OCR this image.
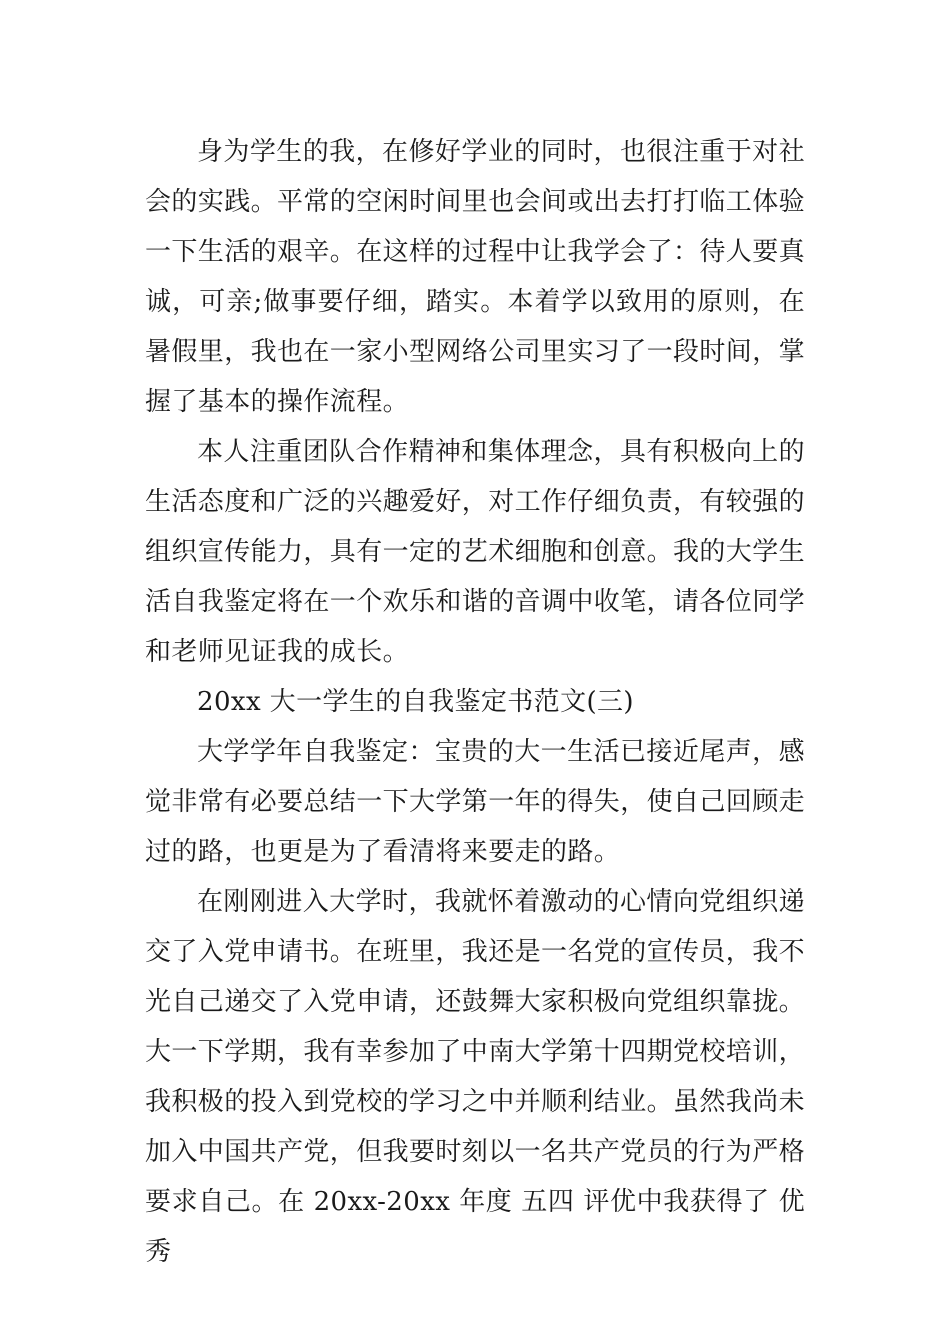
身为学生的我，在修好学业的同时，也很注重于对社会的实践。平常的空闲时间里也会间或出去打打临工体验一下生活的艰辛。在这样的过程中让我学会了：待人要真诚，可亲;做事要仔细，踏实。本着学以致用的原则，在暑假里，我也在一家小型网络公司里实习了一段时间，掌握了基本的操作流程。

本人注重团队合作精神和集体理念，具有积极向上的生活态度和广泛的兴趣爱好，对工作仔细负责，有较强的组织宣传能力，具有一定的艺术细胞和创意。我的大学生活自我鉴定将在一个欢乐和谐的音调中收笔，请各位同学和老师见证我的成长。

20xx 大一学生的自我鉴定书范文(三)

大学学年自我鉴定：宝贵的大一生活已接近尾声，感觉非常有必要总结一下大学第一年的得失，使自己回顾走过的路，也更是为了看清将来要走的路。

在刚刚进入大学时，我就怀着激动的心情向党组织递交了入党申请书。在班里，我还是一名党的宣传员，我不光自己递交了入党申请，还鼓舞大家积极向党组织靠拢。大一下学期，我有幸参加了中南大学第十四期党校培训，我积极的投入到党校的学习之中并顺利结业。虽然我尚未加入中国共产党，但我要时刻以一名共产党员的行为严格要求自己。在 20xx-20xx 年度 五四 评优中我获得了 优秀
